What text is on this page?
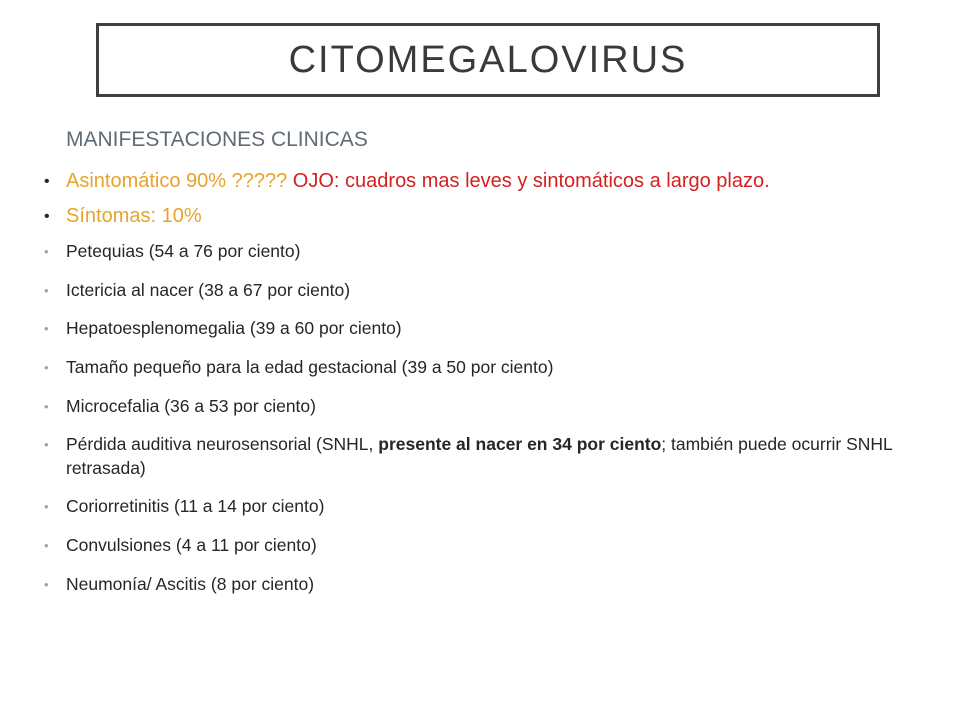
CITOMEGALOVIRUS
MANIFESTACIONES CLINICAS
• Asintomático 90% ????? OJO: cuadros mas leves y sintomáticos a largo plazo.
• Síntomas: 10%
• Petequias (54 a 76 por ciento)
• Ictericia al nacer (38 a 67 por ciento)
• Hepatoesplenomegalia (39 a 60 por ciento)
• Tamaño pequeño para la edad gestacional (39 a 50 por ciento)
• Microcefalia (36 a 53 por ciento)
• Pérdida auditiva neurosensorial (SNHL, presente al nacer en 34 por ciento; también puede ocurrir SNHL retrasada)
• Coriorretinitis (11 a 14 por ciento)
• Convulsiones (4 a 11 por ciento)
• Neumonía/ Ascitis (8 por ciento)
